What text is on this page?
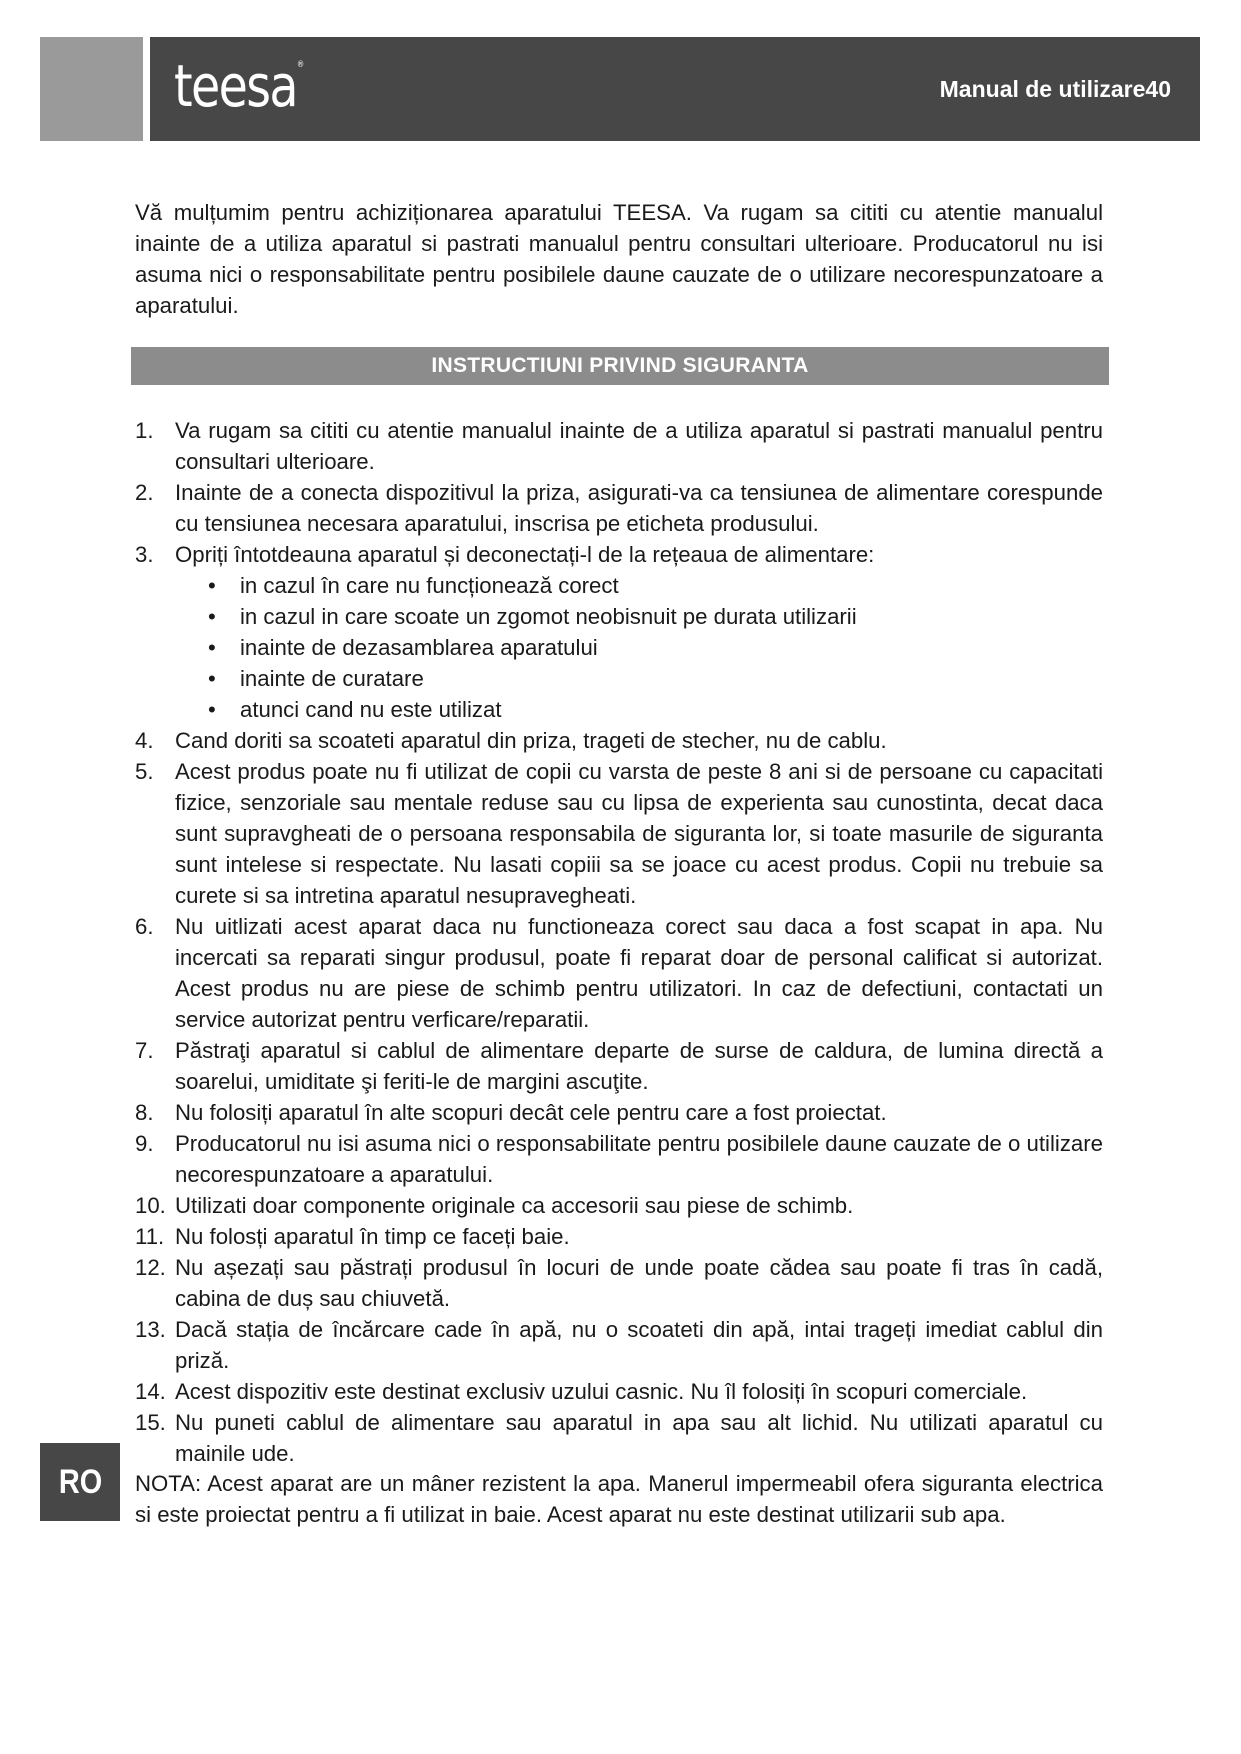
teesa®
Manual de utilizare40

Vă mulțumim pentru achiziționarea aparatului TEESA. Va rugam sa cititi cu atentie manualul inainte de a utiliza aparatul si pastrati manualul pentru consultari ulterioare. Producatorul nu isi asuma nici o responsabilitate pentru posibilele daune cauzate de o utilizare necorespunzatoare a aparatului.

INSTRUCTIUNI PRIVIND SIGURANTA
1. Va rugam sa cititi cu atentie manualul inainte de a utiliza aparatul si pastrati manualul pentru consultari ulterioare.
2. Inainte de a conecta dispozitivul la priza, asigurati-va ca tensiunea de alimentare corespunde cu tensiunea necesara aparatului, inscrisa pe eticheta produsului.
3. Opriți întotdeauna aparatul și deconectați-l de la rețeaua de alimentare:
• in cazul în care nu funcționează corect
• in cazul in care scoate un zgomot neobisnuit pe durata utilizarii
• inainte de dezasamblarea aparatului
• inainte de curatare
• atunci cand nu este utilizat
4. Cand doriti sa scoateti aparatul din priza, trageti de stecher, nu de cablu.
5. Acest produs poate nu fi utilizat de copii cu varsta de peste 8 ani si de persoane cu capacitati fizice, senzoriale sau mentale reduse sau cu lipsa de experienta sau cunostinta, decat daca sunt supravgheati de o persoana responsabila de siguranta lor, si toate masurile de siguranta sunt intelese si respectate. Nu lasati copiii sa se joace cu acest produs. Copii nu trebuie sa curete si sa intretina aparatul nesupravegheati.
6. Nu uitlizati acest aparat daca nu functioneaza corect sau daca a fost scapat in apa. Nu incercati sa reparati singur produsul, poate fi reparat doar de personal calificat si autorizat. Acest produs nu are piese de schimb pentru utilizatori. In caz de defectiuni, contactati un service autorizat pentru verficare/reparatii.
7. Păstraţi aparatul si cablul de alimentare departe de surse de caldura, de lumina directă a soarelui, umiditate şi feriti-le de margini ascuţite.
8. Nu folosiți aparatul în alte scopuri decât cele pentru care a fost proiectat.
9. Producatorul nu isi asuma nici o responsabilitate pentru posibilele daune cauzate de o utilizare necorespunzatoare a aparatului.
10. Utilizati doar componente originale ca accesorii sau piese de schimb.
11. Nu folosți aparatul în timp ce faceți baie.
12. Nu așezați sau păstrați produsul în locuri de unde poate cădea sau poate fi tras în cadă, cabina de duș sau chiuvetă.
13. Dacă stația de încărcare cade în apă, nu o scoateti din apă, intai trageți imediat cablul din priză.
14. Acest dispozitiv este destinat exclusiv uzului casnic. Nu îl folosiți în scopuri comerciale.
15. Nu puneti cablul de alimentare sau aparatul in apa sau alt lichid. Nu utilizati aparatul cu mainile ude.
RO NOTA: Acest aparat are un mâner rezistent la apa. Manerul impermeabil ofera siguranta electrica si este proiectat pentru a fi utilizat in baie. Acest aparat nu este destinat utilizarii sub apa.
